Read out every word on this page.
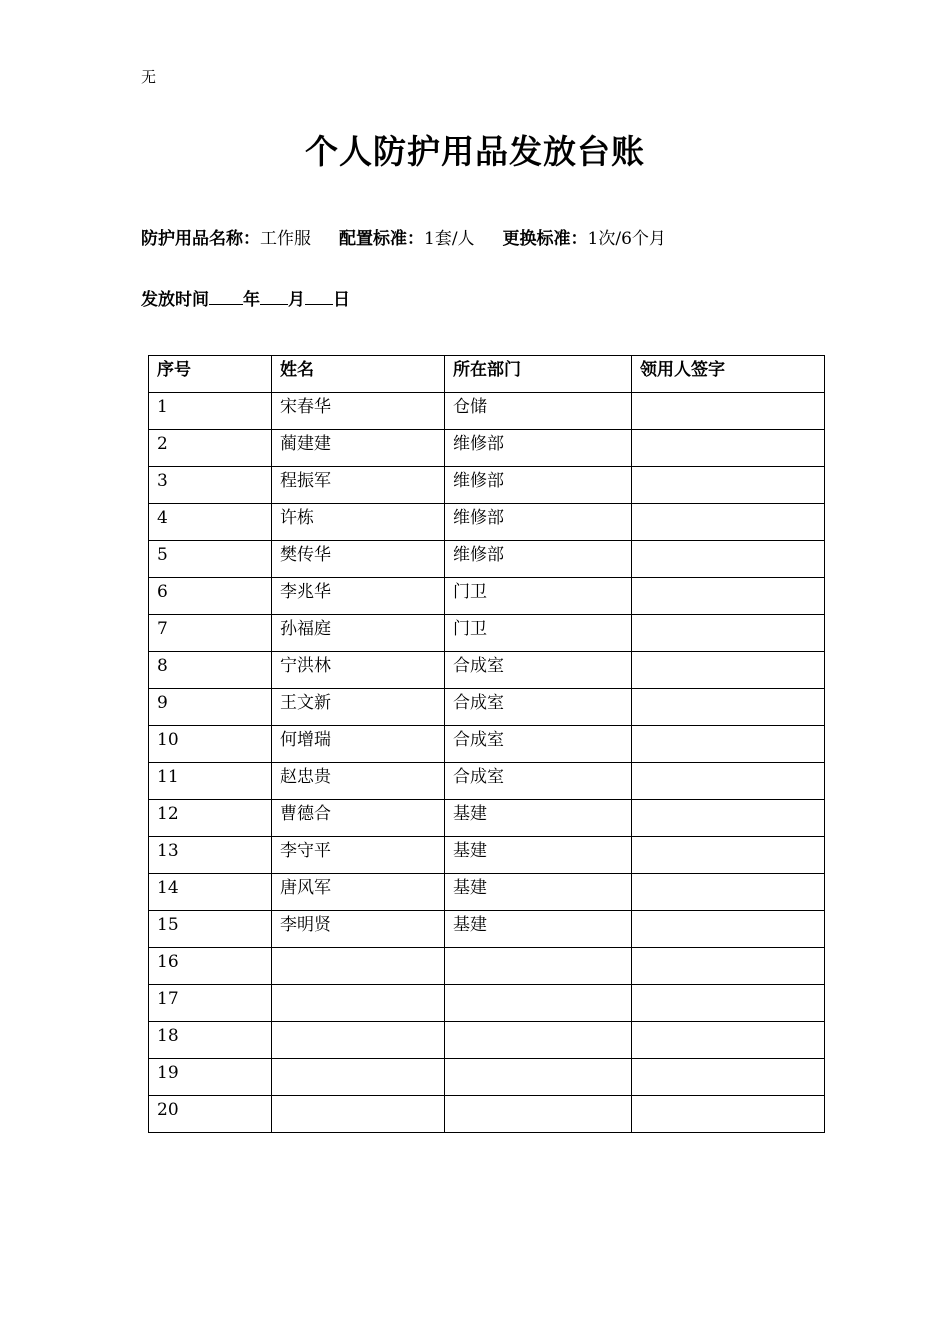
无
个人防护用品发放台账
防护用品名称：工作服 配置标准：1套/人 更换标准：1次/6个月
发放时间 年 月 日
序号	姓名	所在部门	领用人签字
1	宋春华	仓储	
2	蔺建建	维修部	
3	程振军	维修部	
4	许栋	维修部	
5	樊传华	维修部	
6	李兆华	门卫	
7	孙福庭	门卫	
8	宁洪林	合成室	
9	王文新	合成室	
10	何增瑞	合成室	
11	赵忠贵	合成室	
12	曹德合	基建	
13	李守平	基建	
14	唐风军	基建	
15	李明贤	基建	
16			
17			
18			
19			
20			
